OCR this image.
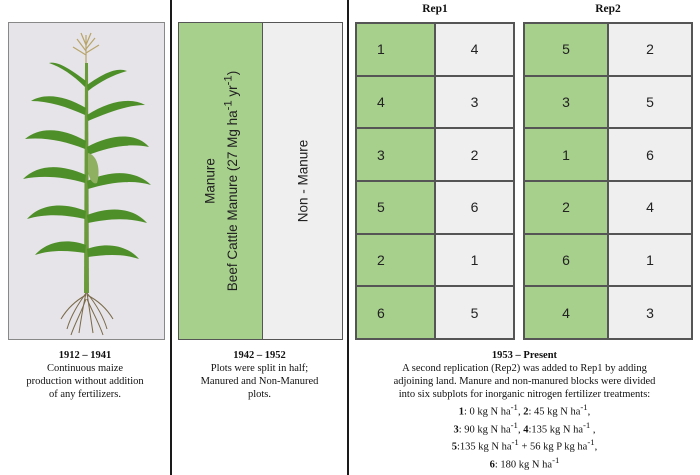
1912 – 1941
Continuous maize
production without addition
of any fertilizers.
Manure Beef Cattle Manure (27 Mg $ha^{-1}$ $yr^{-1}$)
Non - Manure
1942 – 1952
Plots were split in half;
Manured and Non-Manured
plots.
Rep1	Rep2
1	4
4	3
3	2
5	6
2	1
6	5
5	2
3	5
1	6
2	4
6	1
4	3
1953 – Present
A second replication (Rep2) was added to Rep1 by adding
adjoining land. Manure and non-manured blocks were divided
into six subplots for inorganic nitrogen fertilizer treatments:
1: 0 kg N $ha^{-1}$, 2: 45 kg N $ha^{-1}$,
3: 90 kg N $ha^{-1}$, 4:135 kg N $ha^{-1}$ ,
5:135 kg N $ha^{-1} + 56$ kg P kg $ha^{-1}$,
6: 180 kg N $ha^{-1}$
